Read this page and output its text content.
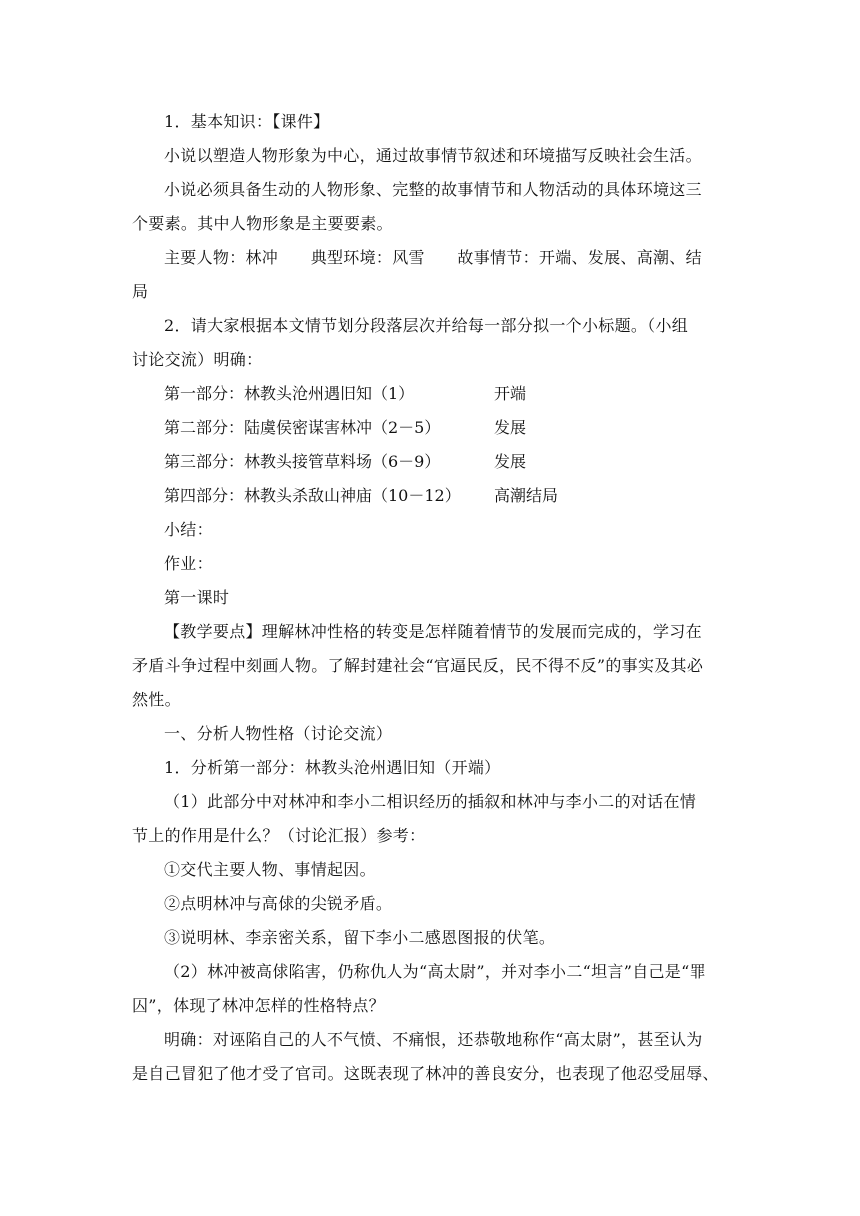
1．基本知识：【课件】
小说以塑造人物形象为中心，通过故事情节叙述和环境描写反映社会生活。
小说必须具备生动的人物形象、完整的故事情节和人物活动的具体环境这三
个要素。其中人物形象是主要要素。
主要人物：林冲　　典型环境：风雪　　故事情节：开端、发展、高潮、结
局
2．请大家根据本文情节划分段落层次并给每一部分拟一个小标题。（小组
讨论交流）明确：
第一部分：林教头沧州遇旧知（1）	开端
第二部分：陆虞侯密谋害林冲（2－5）	发展
第三部分：林教头接管草料场（6－9）	发展
第四部分：林教头杀敌山神庙（10－12） 高潮结局
小结：
作业：
第一课时
【教学要点】理解林冲性格的转变是怎样随着情节的发展而完成的，学习在
矛盾斗争过程中刻画人物。了解封建社会“官逼民反，民不得不反”的事实及其必
然性。
一、分析人物性格（讨论交流）
1．分析第一部分：林教头沧州遇旧知（开端）
（1）此部分中对林冲和李小二相识经历的插叙和林冲与李小二的对话在情
节上的作用是什么？（讨论汇报）参考：
①交代主要人物、事情起因。
②点明林冲与高俅的尖锐矛盾。
③说明林、李亲密关系，留下李小二感恩图报的伏笔。
（2）林冲被高俅陷害，仍称仇人为“高太尉”，并对李小二“坦言”自己是“罪
囚”，体现了林冲怎样的性格特点？
明确：对诬陷自己的人不气愤、不痛恨，还恭敬地称作“高太尉”，甚至认为
是自己冒犯了他才受了官司。这既表现了林冲的善良安分，也表现了他忍受屈辱、
